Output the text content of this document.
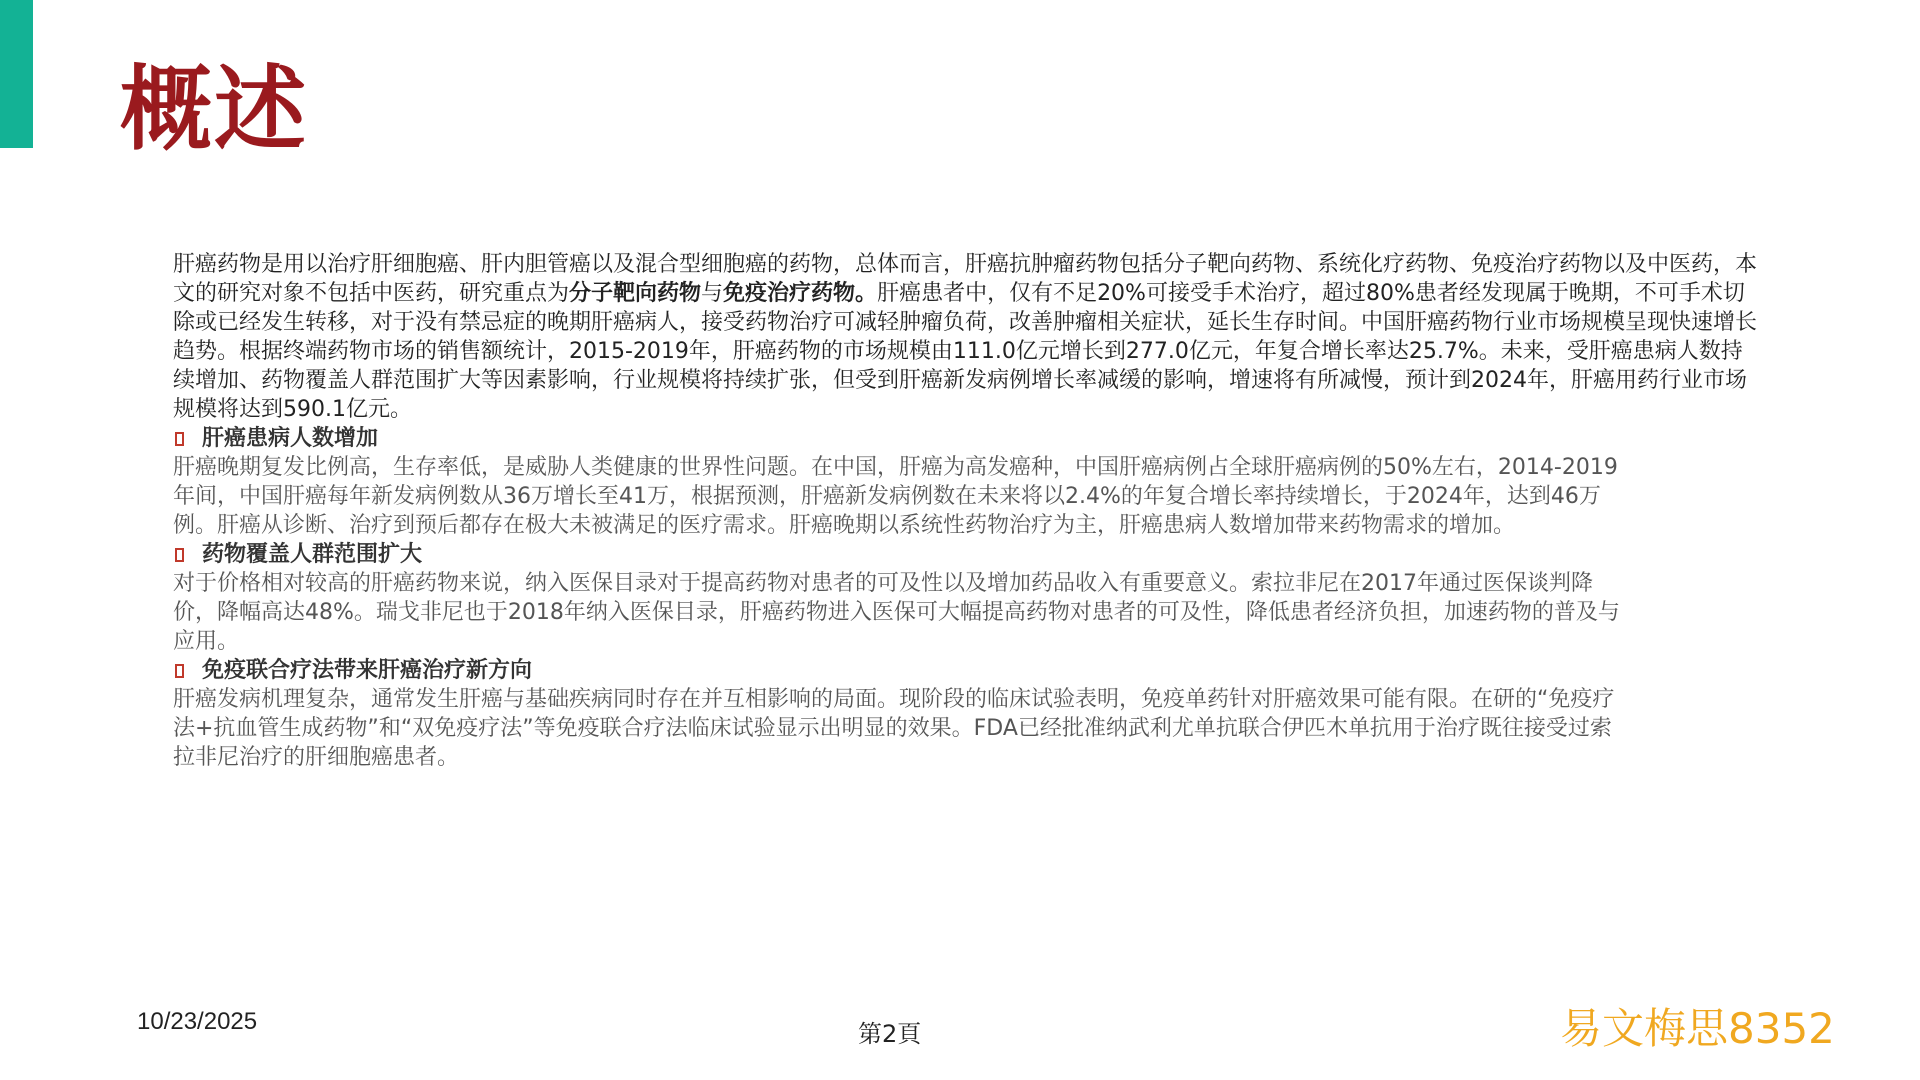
概述

肝癌药物是用以治疗肝细胞癌、肝内胆管癌以及混合型细胞癌的药物，总体而言，肝癌抗肿瘤药物包括分子靶向药物、系统化疗药物、免疫治疗药物以及中医药，本文的研究对象不包括中医药，研究重点为分子靶向药物与免疫治疗药物。肝癌患者中，仅有不足20%可接受手术治疗，超过80%患者经发现属于晚期，不可手术切除或已经发生转移，对于没有禁忌症的晚期肝癌病人，接受药物治疗可减轻肿瘤负荷，改善肿瘤相关症状，延长生存时间。中国肝癌药物行业市场规模呈现快速增长趋势。根据终端药物市场的销售额统计，2015-2019年，肝癌药物的市场规模由111.0亿元增长到277.0亿元，年复合增长率达25.7%。未来，受肝癌患病人数持续增加、药物覆盖人群范围扩大等因素影响，行业规模将持续扩张，但受到肝癌新发病例增长率减缓的影响，增速将有所减慢，预计到2024年，肝癌用药行业市场规模将达到590.1亿元。

肝癌患病人数增加

肝癌晚期复发比例高，生存率低，是威胁人类健康的世界性问题。在中国，肝癌为高发癌种，中国肝癌病例占全球肝癌病例的50%左右，2014-2019年间，中国肝癌每年新发病例数从36万增长至41万，根据预测，肝癌新发病例数在未来将以2.4%的年复合增长率持续增长，于2024年，达到46万例。肝癌从诊断、治疗到预后都存在极大未被满足的医疗需求。肝癌晚期以系统性药物治疗为主，肝癌患病人数增加带来药物需求的增加。

药物覆盖人群范围扩大

对于价格相对较高的肝癌药物来说，纳入医保目录对于提高药物对患者的可及性以及增加药品收入有重要意义。索拉非尼在2017年通过医保谈判降价，降幅高达48%。瑞戈非尼也于2018年纳入医保目录，肝癌药物进入医保可大幅提高药物对患者的可及性，降低患者经济负担，加速药物的普及与应用。

免疫联合疗法带来肝癌治疗新方向

肝癌发病机理复杂，通常发生肝癌与基础疾病同时存在并互相影响的局面。现阶段的临床试验表明，免疫单药针对肝癌效果可能有限。在研的“免疫疗法+抗血管生成药物”和“双免疫疗法”等免疫联合疗法临床试验显示出明显的效果。FDA已经批准纳武利尤单抗联合伊匹木单抗用于治疗既往接受过索拉非尼治疗的肝细胞癌患者。

10/23/2025	第2頁	易文梅思8352
